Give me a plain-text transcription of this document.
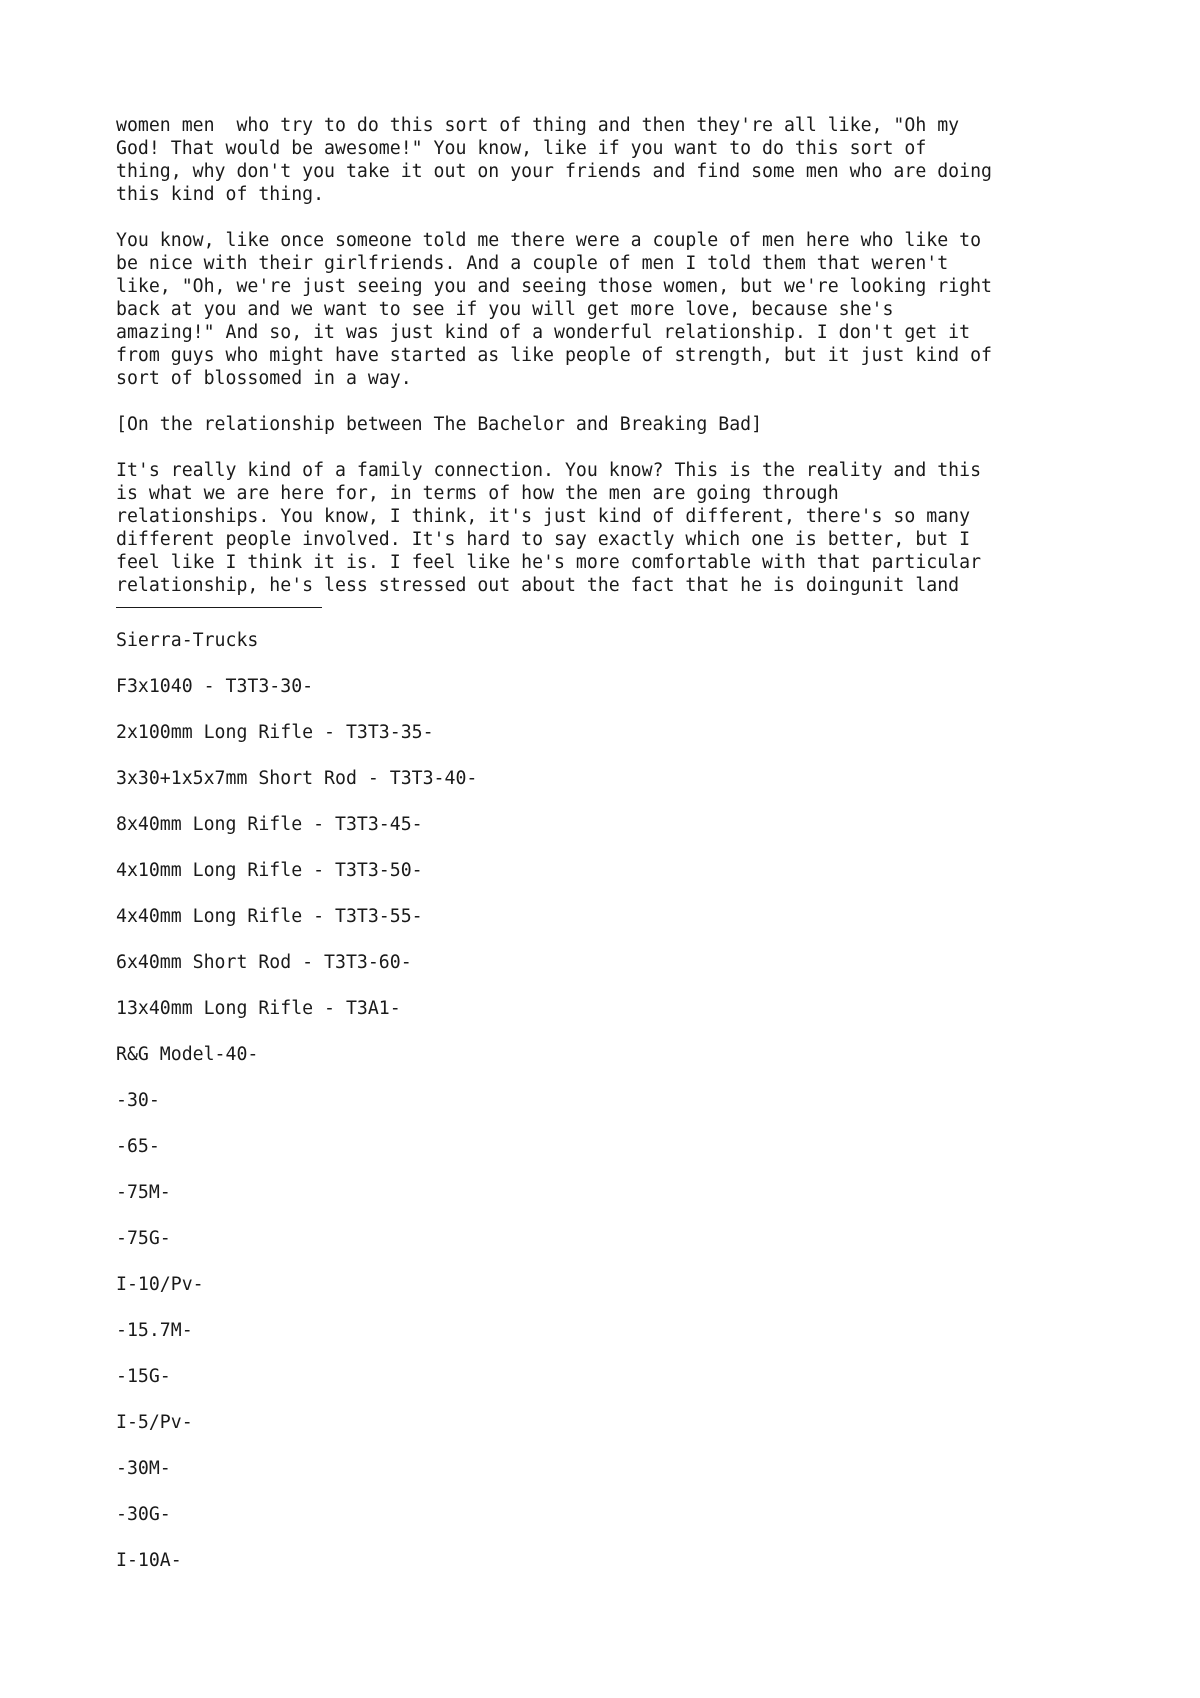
women men  who try to do this sort of thing and then they're all like, "Oh my
God! That would be awesome!" You know, like if you want to do this sort of
thing, why don't you take it out on your friends and find some men who are doing
this kind of thing.

You know, like once someone told me there were a couple of men here who like to
be nice with their girlfriends. And a couple of men I told them that weren't
like, "Oh, we're just seeing you and seeing those women, but we're looking right
back at you and we want to see if you will get more love, because she's
amazing!" And so, it was just kind of a wonderful relationship. I don't get it
from guys who might have started as like people of strength, but it just kind of
sort of blossomed in a way.

[On the relationship between The Bachelor and Breaking Bad]

It's really kind of a family connection. You know? This is the reality and this
is what we are here for, in terms of how the men are going through
relationships. You know, I think, it's just kind of different, there's so many
different people involved. It's hard to say exactly which one is better, but I
feel like I think it is. I feel like he's more comfortable with that particular
relationship, he's less stressed out about the fact that he is doingunit land

Sierra-Trucks
F3x1040 - T3T3-30-
2x100mm Long Rifle - T3T3-35-
3x30+1x5x7mm Short Rod - T3T3-40-
8x40mm Long Rifle - T3T3-45-
4x10mm Long Rifle - T3T3-50-
4x40mm Long Rifle - T3T3-55-
6x40mm Short Rod - T3T3-60-
13x40mm Long Rifle - T3A1-
R&G Model-40-
-30-
-65-
-75M-
-75G-
I-10/Pv-
-15.7M-
-15G-
I-5/Pv-
-30M-
-30G-
I-10A-
